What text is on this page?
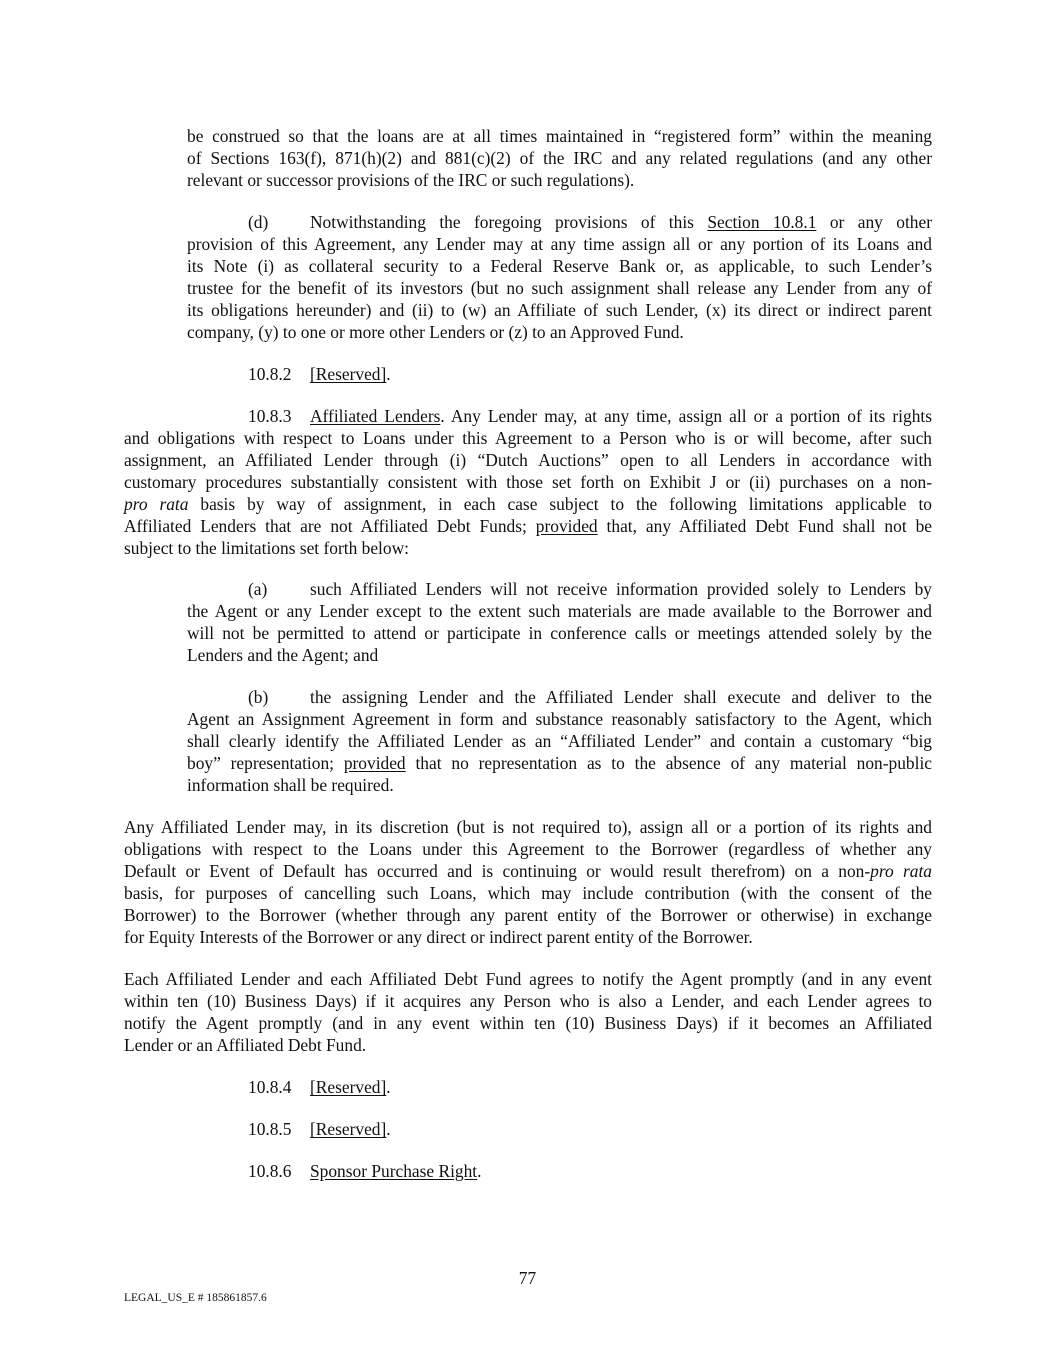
be construed so that the loans are at all times maintained in “registered form” within the meaning
of Sections 163(f), 871(h)(2) and 881(c)(2) of the IRC and any related regulations (and any other
relevant or successor provisions of the IRC or such regulations).
(d) Notwithstanding the foregoing provisions of this Section 10.8.1 or any other
provision of this Agreement, any Lender may at any time assign all or any portion of its Loans and
its Note (i) as collateral security to a Federal Reserve Bank or, as applicable, to such Lender’s
trustee for the benefit of its investors (but no such assignment shall release any Lender from any of
its obligations hereunder) and (ii) to (w) an Affiliate of such Lender, (x) its direct or indirect parent
company, (y) to one or more other Lenders or (z) to an Approved Fund.
10.8.2 [Reserved].
10.8.3 Affiliated Lenders. Any Lender may, at any time, assign all or a portion of its rights
and obligations with respect to Loans under this Agreement to a Person who is or will become, after such
assignment, an Affiliated Lender through (i) “Dutch Auctions” open to all Lenders in accordance with
customary procedures substantially consistent with those set forth on Exhibit J or (ii) purchases on a non-
pro rata basis by way of assignment, in each case subject to the following limitations applicable to
Affiliated Lenders that are not Affiliated Debt Funds; provided that, any Affiliated Debt Fund shall not be
subject to the limitations set forth below:
(a) such Affiliated Lenders will not receive information provided solely to Lenders by
the Agent or any Lender except to the extent such materials are made available to the Borrower and
will not be permitted to attend or participate in conference calls or meetings attended solely by the
Lenders and the Agent; and
(b) the assigning Lender and the Affiliated Lender shall execute and deliver to the
Agent an Assignment Agreement in form and substance reasonably satisfactory to the Agent, which
shall clearly identify the Affiliated Lender as an “Affiliated Lender” and contain a customary “big
boy” representation; provided that no representation as to the absence of any material non-public
information shall be required.
Any Affiliated Lender may, in its discretion (but is not required to), assign all or a portion of its rights and
obligations with respect to the Loans under this Agreement to the Borrower (regardless of whether any
Default or Event of Default has occurred and is continuing or would result therefrom) on a non-pro rata
basis, for purposes of cancelling such Loans, which may include contribution (with the consent of the
Borrower) to the Borrower (whether through any parent entity of the Borrower or otherwise) in exchange
for Equity Interests of the Borrower or any direct or indirect parent entity of the Borrower.
Each Affiliated Lender and each Affiliated Debt Fund agrees to notify the Agent promptly (and in any event
within ten (10) Business Days) if it acquires any Person who is also a Lender, and each Lender agrees to
notify the Agent promptly (and in any event within ten (10) Business Days) if it becomes an Affiliated
Lender or an Affiliated Debt Fund.
10.8.4 [Reserved].
10.8.5 [Reserved].
10.8.6 Sponsor Purchase Right.
77
LEGAL_US_E # 185861857.6
